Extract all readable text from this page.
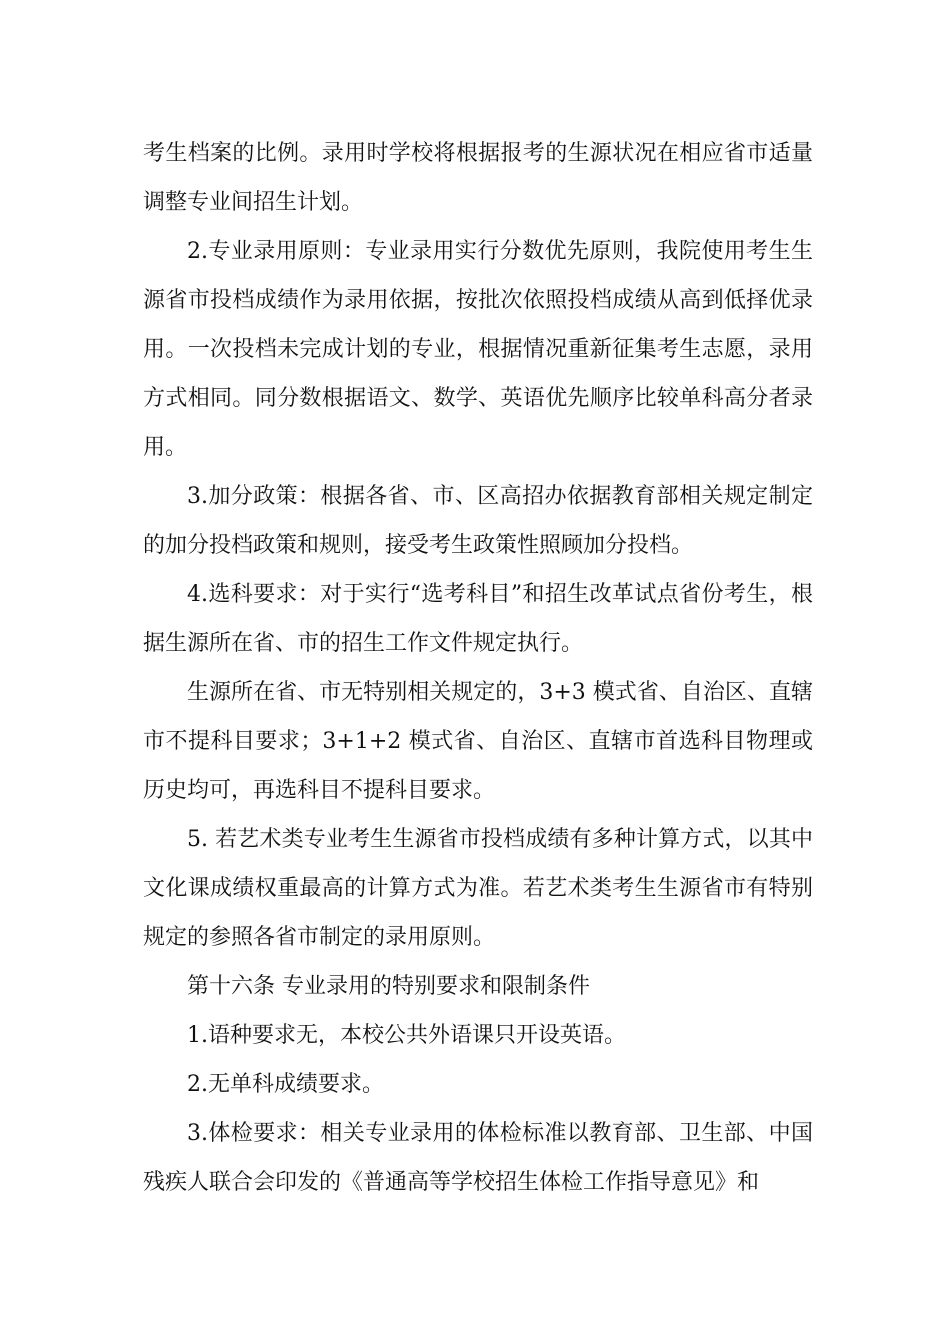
考生档案的比例。录用时学校将根据报考的生源状况在相应省市适量调整专业间招生计划。

2.专业录用原则：专业录用实行分数优先原则，我院使用考生生源省市投档成绩作为录用依据，按批次依照投档成绩从高到低择优录用。一次投档未完成计划的专业，根据情况重新征集考生志愿，录用方式相同。同分数根据语文、数学、英语优先顺序比较单科高分者录用。

3.加分政策：根据各省、市、区高招办依据教育部相关规定制定的加分投档政策和规则，接受考生政策性照顾加分投档。

4.选科要求：对于实行“选考科目”和招生改革试点省份考生，根据生源所在省、市的招生工作文件规定执行。

生源所在省、市无特别相关规定的，3+3 模式省、自治区、直辖市不提科目要求；3+1+2 模式省、自治区、直辖市首选科目物理或历史均可，再选科目不提科目要求。

5. 若艺术类专业考生生源省市投档成绩有多种计算方式，以其中文化课成绩权重最高的计算方式为准。若艺术类考生生源省市有特别规定的参照各省市制定的录用原则。

第十六条 专业录用的特别要求和限制条件

1.语种要求无，本校公共外语课只开设英语。

2.无单科成绩要求。

3.体检要求：相关专业录用的体检标准以教育部、卫生部、中国残疾人联合会印发的《普通高等学校招生体检工作指导意见》和
